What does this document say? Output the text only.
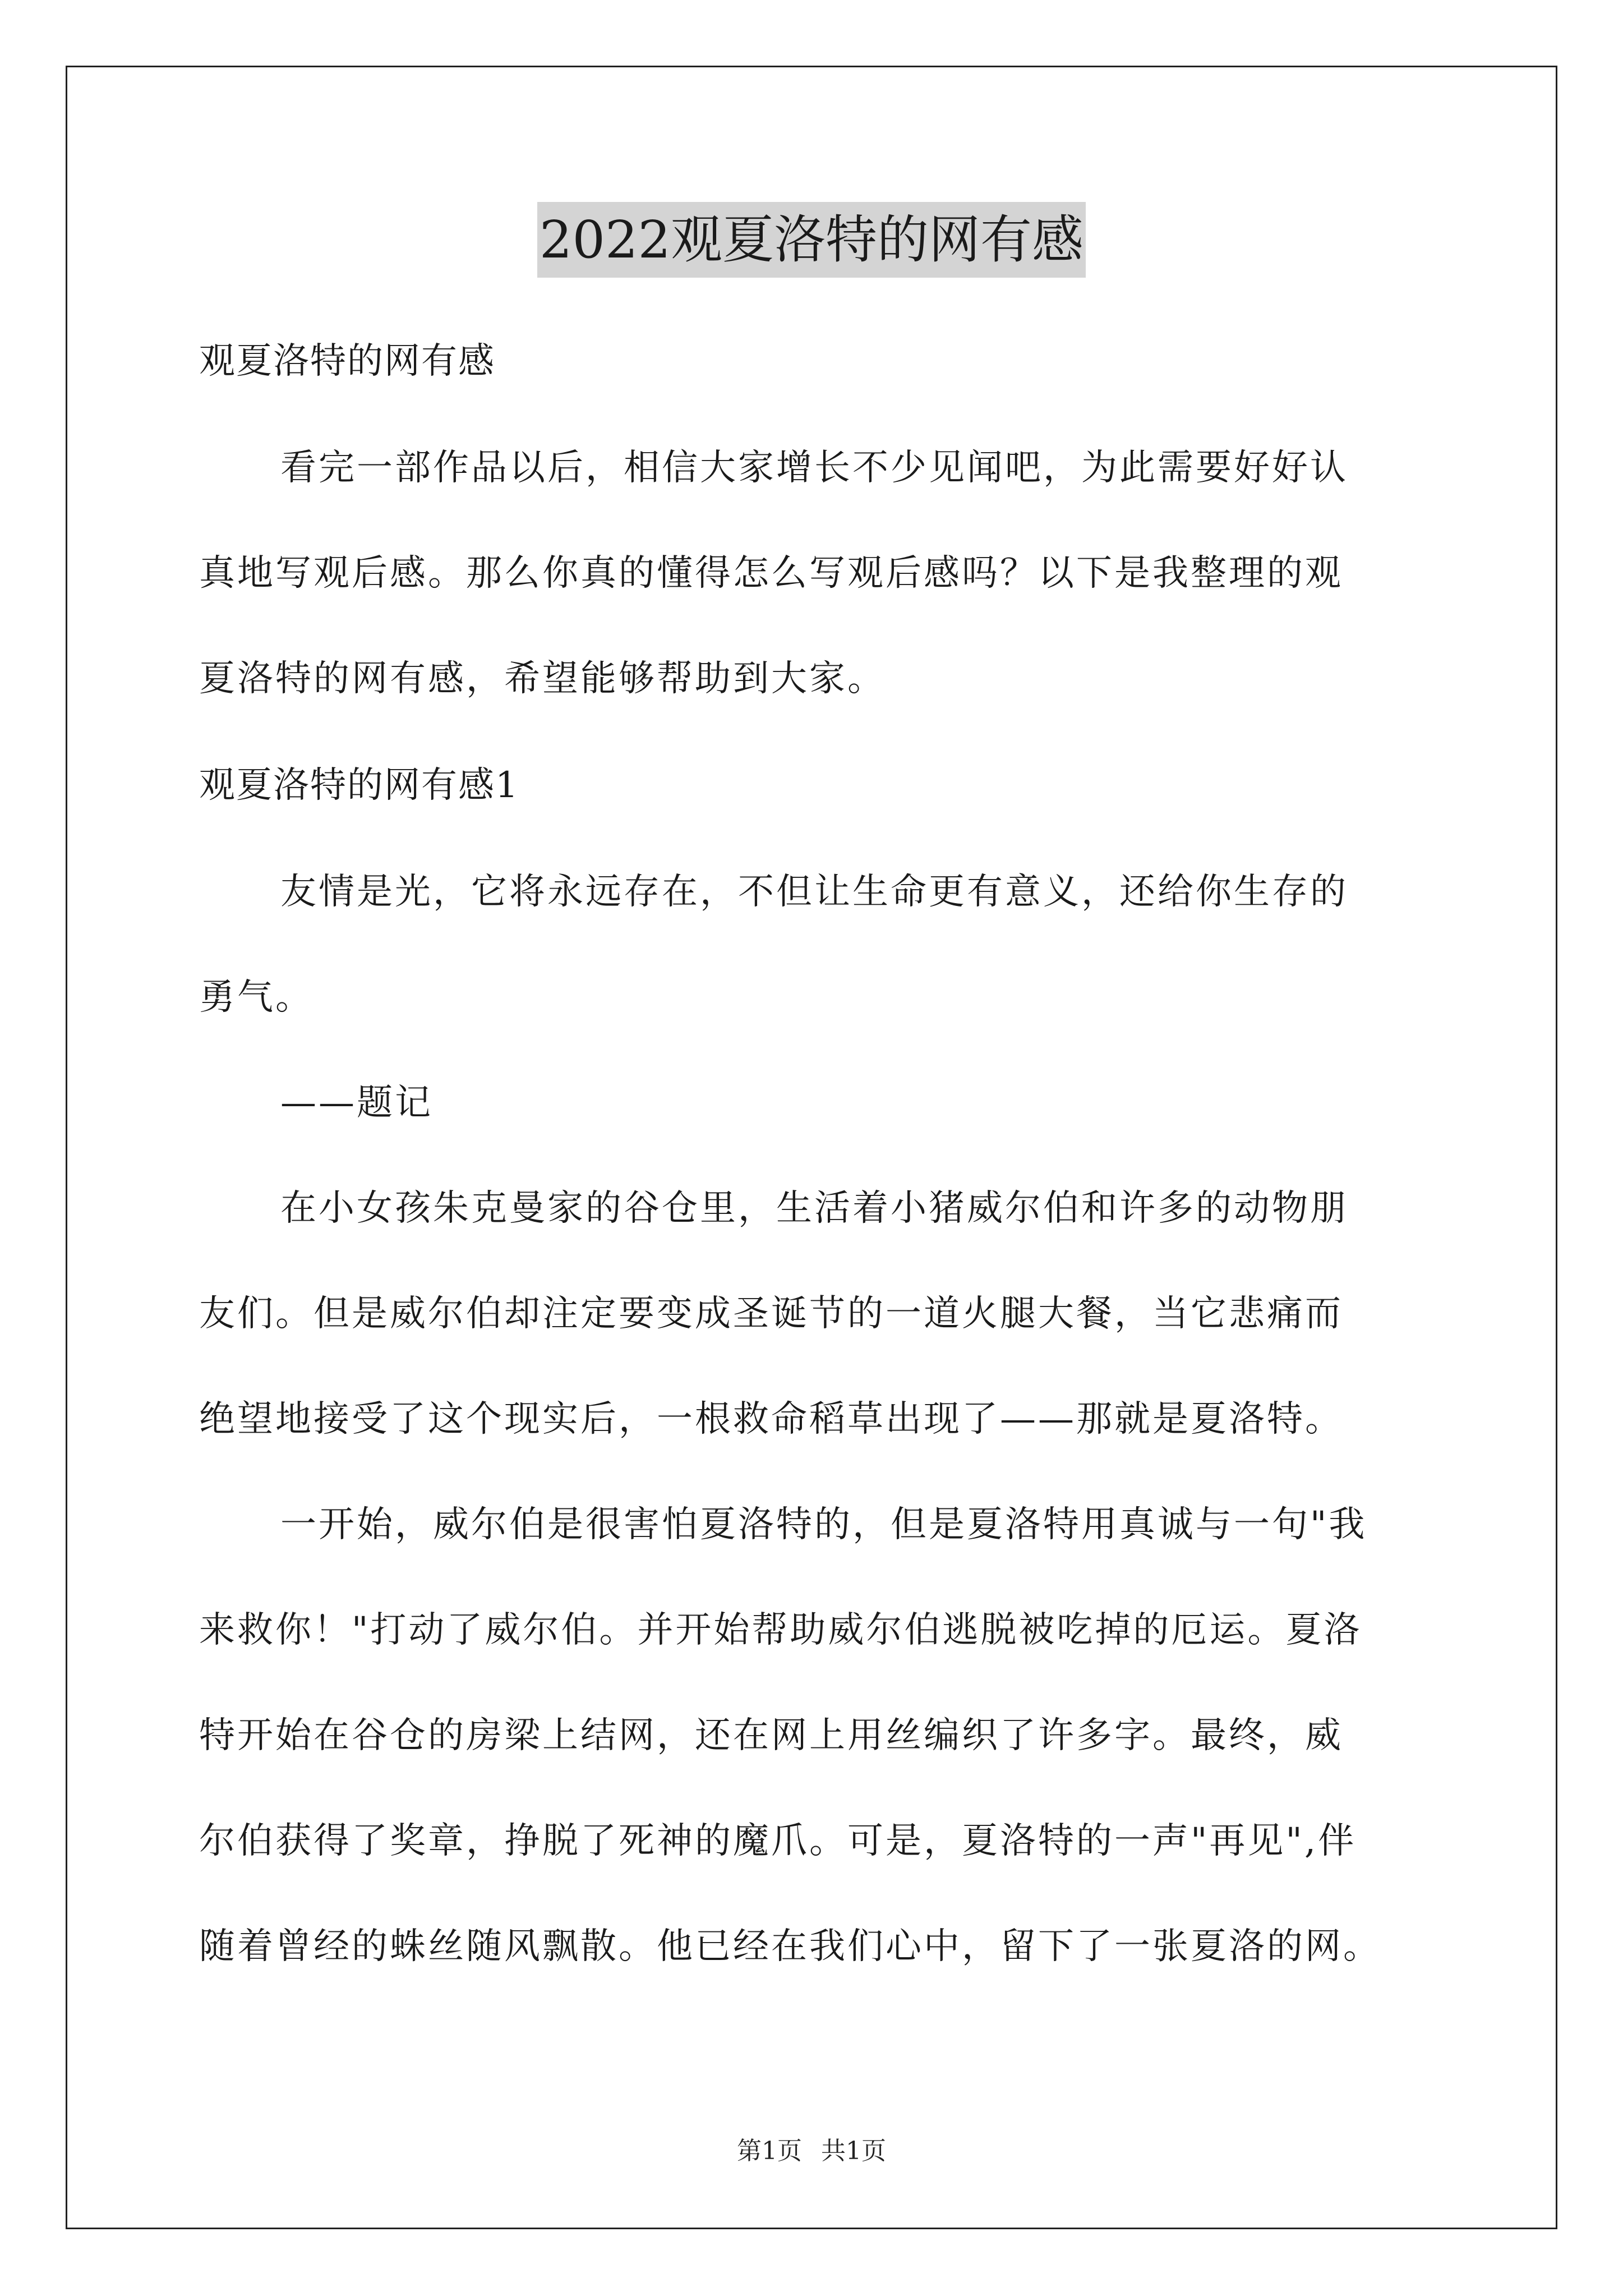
2022观夏洛特的网有感
观夏洛特的网有感
看完一部作品以后，相信大家增长不少见闻吧，为此需要好好认
真地写观后感。那么你真的懂得怎么写观后感吗？以下是我整理的观
夏洛特的网有感，希望能够帮助到大家。
观夏洛特的网有感1
友情是光，它将永远存在，不但让生命更有意义，还给你生存的
勇气。
——题记
在小女孩朱克曼家的谷仓里，生活着小猪威尔伯和许多的动物朋
友们。但是威尔伯却注定要变成圣诞节的一道火腿大餐，当它悲痛而
绝望地接受了这个现实后，一根救命稻草出现了——那就是夏洛特。
一开始，威尔伯是很害怕夏洛特的，但是夏洛特用真诚与一句"我
来救你！"打动了威尔伯。并开始帮助威尔伯逃脱被吃掉的厄运。夏洛
特开始在谷仓的房梁上结网，还在网上用丝编织了许多字。最终，威
尔伯获得了奖章，挣脱了死神的魔爪。可是，夏洛特的一声"再见",伴
随着曾经的蛛丝随风飘散。他已经在我们心中，留下了一张夏洛的网。
第1页 共1页
